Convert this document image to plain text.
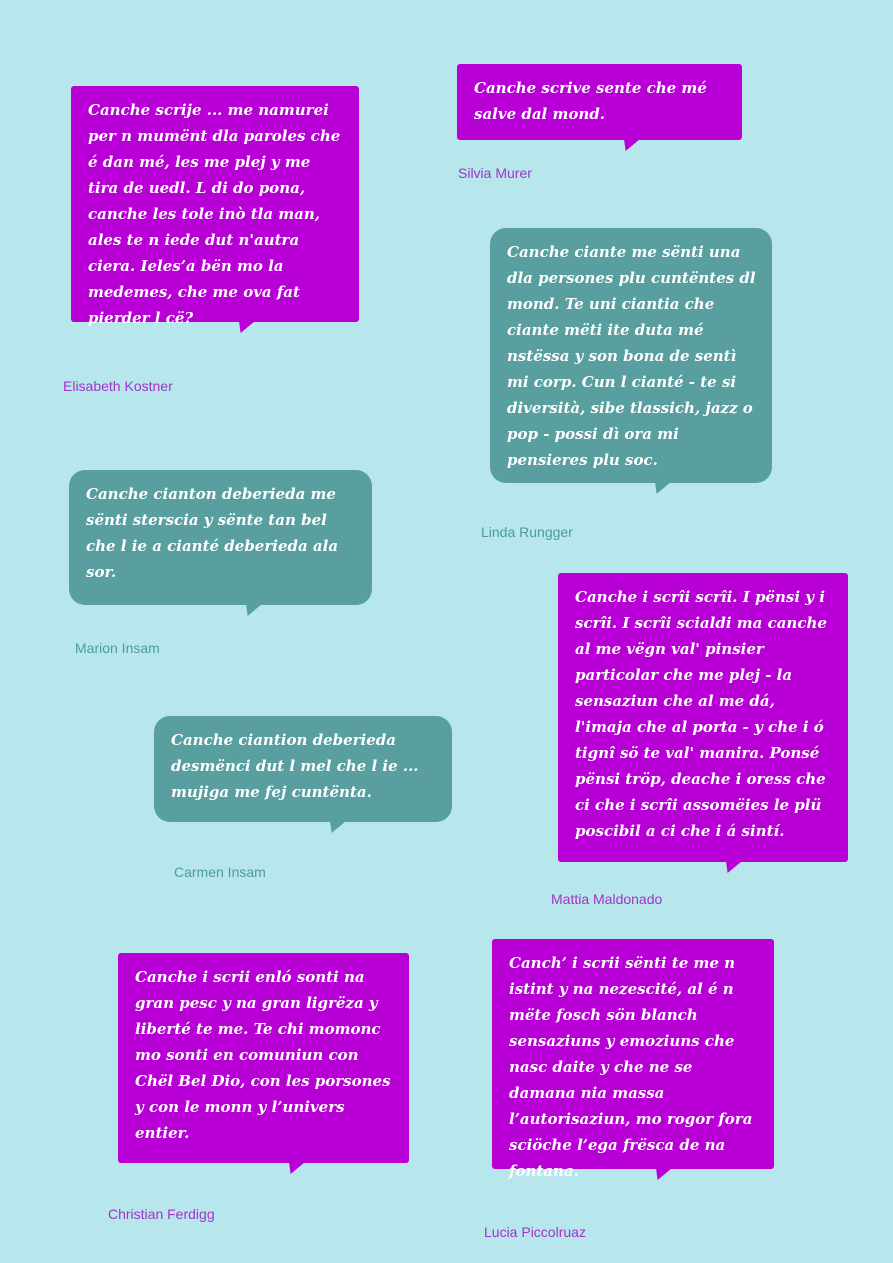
Canche scrije ... me namurei per n mumënt dla paroles che é dan mé, les me plej y me tira de uedl. L di do pona, canche les tole inò tla man, ales te n iede dut n'autra ciera. Ieles’a bën mo la medemes, che me ova fat pierder l cë?
Elisabeth Kostner
Canche scrive sente che mé salve dal mond.
Silvia Murer
Canche ciante me sënti una dla persones plu cuntëntes dl mond. Te uni ciantia che ciante mëti ite duta mé nstëssa y son bona de sentì mi corp. Cun l cianté - te si diversità, sibe tlassich, jazz o pop - possi dì ora mi pensieres plu soc.
Linda Rungger
Canche cianton deberieda me sënti sterscia y sënte tan bel che l ie a cianté deberieda ala sor.
Marion Insam
Canche i scrîi scrîi. I pënsi y i scrîi. I scrîi scialdi ma canche al me vëgn val' pinsier particolar che me plej - la sensaziun che al me dá, l'imaja che al porta - y che i ó tignî sö te val' manira. Ponsé pënsi tröp, deache i oress che ci che i scrîi assomëies le plü poscibil a ci che i á sintí.
Mattia Maldonado
Canche ciantion deberieda desmënci dut l mel che l ie ... mujiga me fej cuntënta.
Carmen Insam
Canche i scrii enló sonti na gran pesc y na gran ligrëza y liberté te me. Te chi momonc mo sonti en comuniun con Chël Bel Dio, con les porsones y con le monn y l’univers entier.
Christian Ferdigg
Canch’ i scrii sënti te me n istint y na nezescité, al é n mëte fosch sön blanch sensaziuns y emoziuns che nasc daite y che ne se damana nia massa l’autorisaziun, mo rogor fora sciöche l’ega frësca de na fontana.
Lucia Piccolruaz
